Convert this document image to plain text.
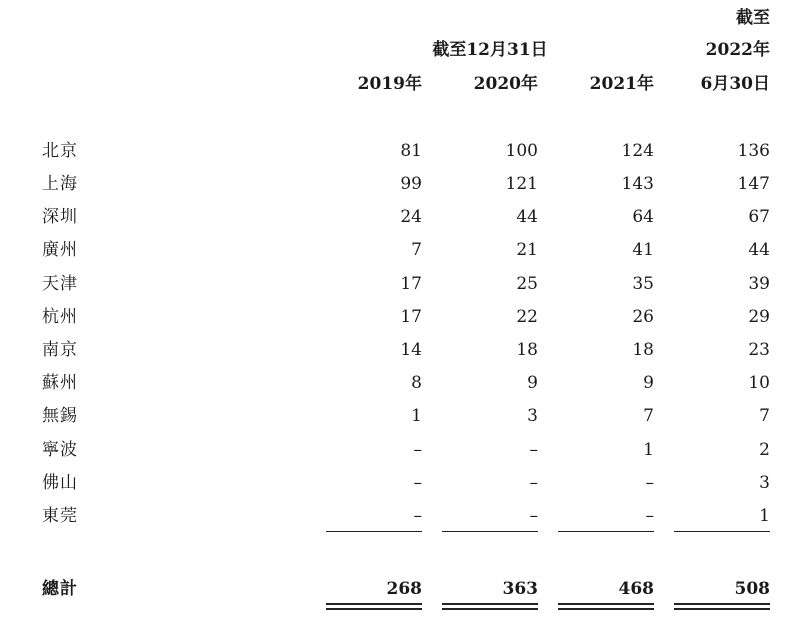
截至
截至12月31日	2022年
2019年	2020年	2021年	6月30日
北京	81	100	124	136
上海	99	121	143	147
深圳	24	44	64	67
廣州	7	21	41	44
天津	17	25	35	39
杭州	17	22	26	29
南京	14	18	18	23
蘇州	8	9	9	10
無錫	1	3	7	7
寧波	–	–	1	2
佛山	–	–	–	3
東莞	–	–	–	1
總計	268	363	468	508
